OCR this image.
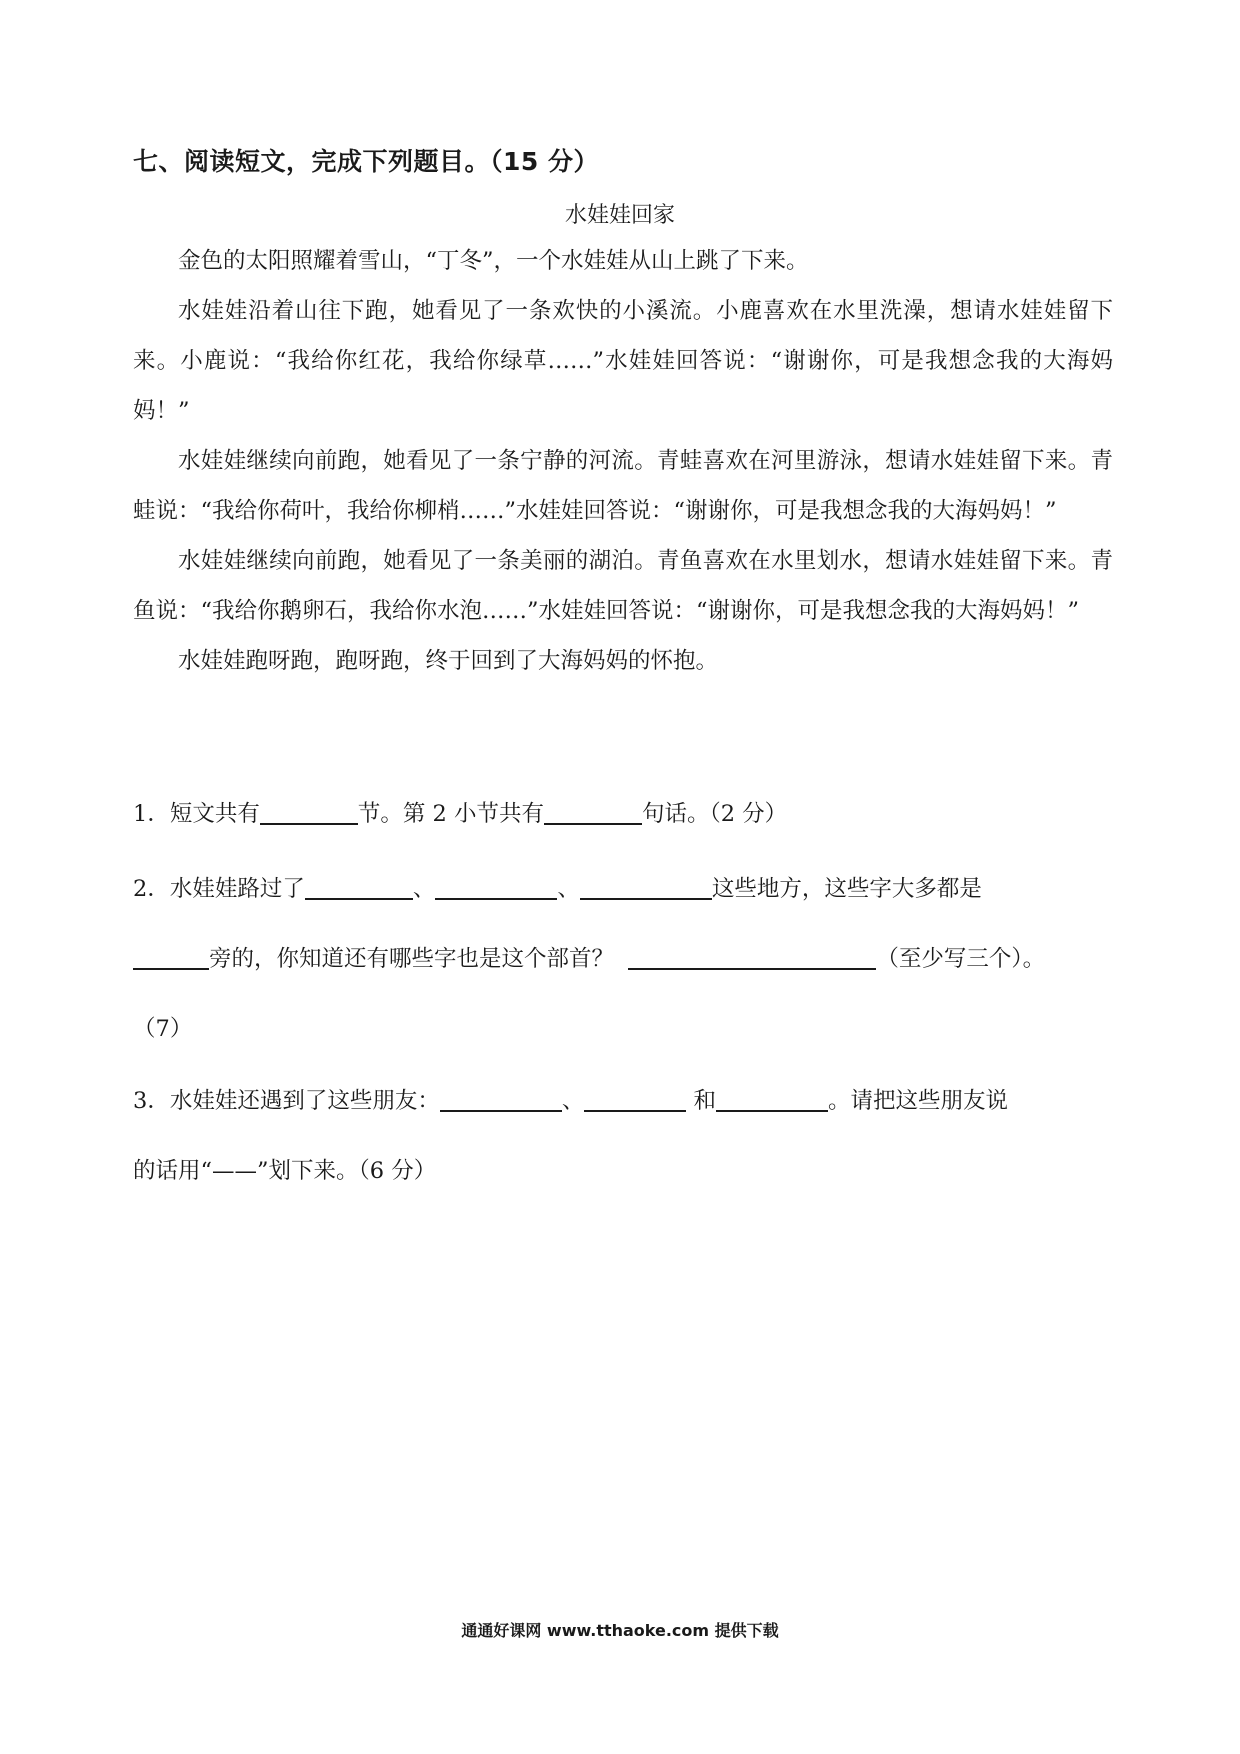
七、阅读短文，完成下列题目。（15 分）
水娃娃回家

金色的太阳照耀着雪山，“丁冬”，一个水娃娃从山上跳了下来。

水娃娃沿着山往下跑，她看见了一条欢快的小溪流。小鹿喜欢在水里洗澡，想请水娃娃留下来。小鹿说：“我给你红花，我给你绿草……”水娃娃回答说：“谢谢你，可是我想念我的大海妈妈！”

水娃娃继续向前跑，她看见了一条宁静的河流。青蛙喜欢在河里游泳，想请水娃娃留下来。青蛙说：“我给你荷叶，我给你柳梢……”水娃娃回答说：“谢谢你，可是我想念我的大海妈妈！”

水娃娃继续向前跑，她看见了一条美丽的湖泊。青鱼喜欢在水里划水，想请水娃娃留下来。青鱼说：“我给你鹅卵石，我给你水泡……”水娃娃回答说：“谢谢你，可是我想念我的大海妈妈！”

水娃娃跑呀跑，跑呀跑，终于回到了大海妈妈的怀抱。

1．短文共有	节。第 2 小节共有	句话。（2 分）
2．水娃娃路过了	、	、	这些地方，这些字大多都是
旁的，你知道还有哪些字也是这个部首？	（至少写三个）。
（7）
3．水娃娃还遇到了这些朋友：	、	和	。请把这些朋友说
的话用“——”划下来。（6 分）
通通好课网 www.tthaoke.com 提供下载
